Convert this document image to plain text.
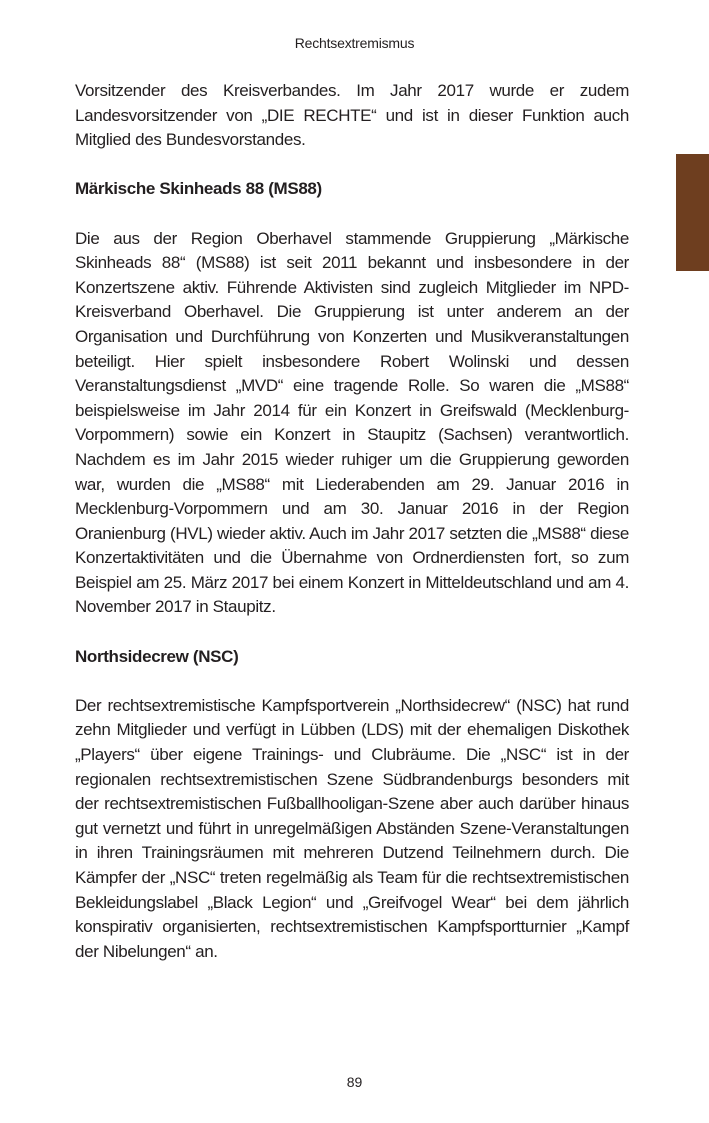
Rechtsextremismus

Vorsitzender des Kreisverbandes. Im Jahr 2017 wurde er zudem Landesvorsitzender von „DIE RECHTE“ und ist in dieser Funktion auch Mitglied des Bundesvorstandes.

Märkische Skinheads 88 (MS88)

Die aus der Region Oberhavel stammende Gruppierung „Märkische Skinheads 88“ (MS88) ist seit 2011 bekannt und insbesondere in der Konzertszene aktiv. Führende Aktivisten sind zugleich Mitglieder im NPD-Kreisverband Oberhavel. Die Gruppierung ist unter anderem an der Organisation und Durchführung von Konzerten und Musikveranstaltungen beteiligt. Hier spielt insbesondere Robert Wolinski und dessen Veranstaltungsdienst „MVD“ eine tragende Rolle. So waren die „MS88“ beispielsweise im Jahr 2014 für ein Konzert in Greifswald (Mecklenburg-Vorpommern) sowie ein Konzert in Staupitz (Sachsen) verantwortlich. Nachdem es im Jahr 2015 wieder ruhiger um die Gruppierung geworden war, wurden die „MS88“ mit Liederabenden am 29. Januar 2016 in Mecklenburg-Vorpommern und am 30. Januar 2016 in der Region Oranienburg (HVL) wieder aktiv. Auch im Jahr 2017 setzten die „MS88“ diese Konzertaktivitäten und die Übernahme von Ordnerdiensten fort, so zum Beispiel am 25. März 2017 bei einem Konzert in Mitteldeutschland und am 4. November 2017 in Staupitz.

Northsidecrew (NSC)

Der rechtsextremistische Kampfsportverein „Northsidecrew“ (NSC) hat rund zehn Mitglieder und verfügt in Lübben (LDS) mit der ehemaligen Diskothek „Players“ über eigene Trainings- und Clubräume. Die „NSC“ ist in der regionalen rechtsextremistischen Szene Südbrandenburgs besonders mit der rechtsextremistischen Fußballhooligan-Szene aber auch darüber hinaus gut vernetzt und führt in unregelmäßigen Abständen Szene-Veranstaltungen in ihren Trainingsräumen mit mehreren Dutzend Teilnehmern durch. Die Kämpfer der „NSC“ treten regelmäßig als Team für die rechtsextremistischen Bekleidungslabel „Black Legion“ und „Greifvogel Wear“ bei dem jährlich konspirativ organisierten, rechtsextremistischen Kampfsportturnier „Kampf der Nibelungen“ an.

89
